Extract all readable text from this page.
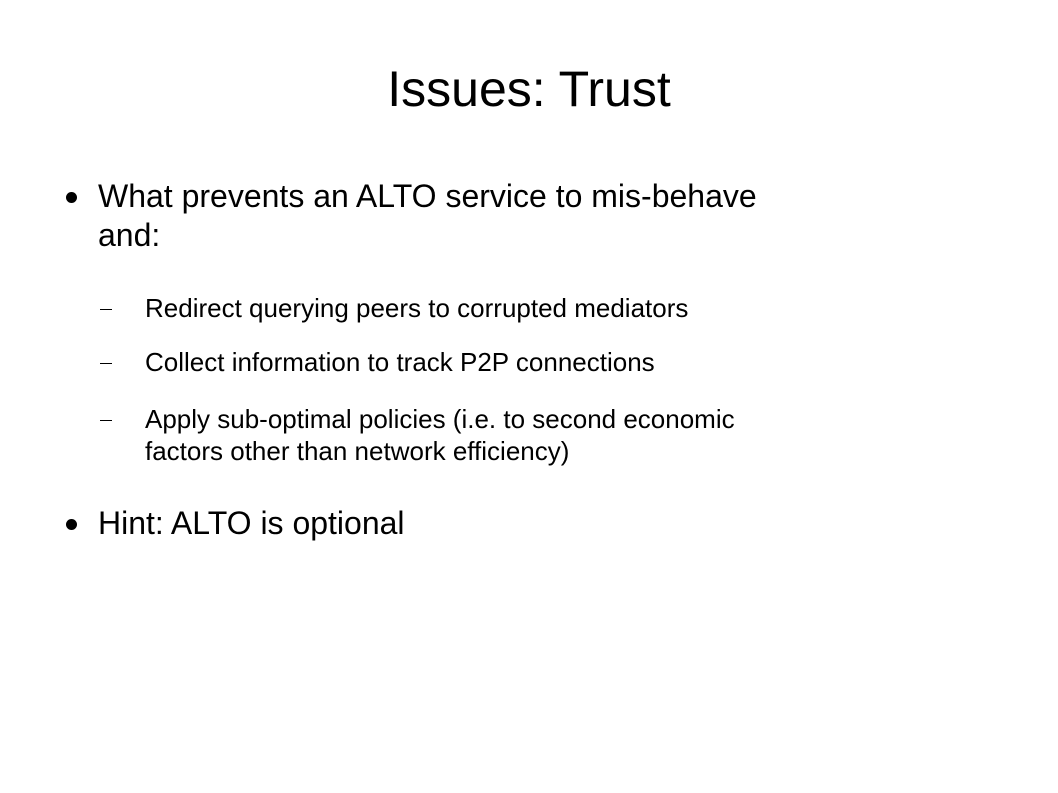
Issues: Trust
What prevents an ALTO service to mis-behave
and:
Redirect querying peers to corrupted mediators
Collect information to track P2P connections
Apply sub-optimal policies (i.e. to second economic
factors other than network efficiency)
Hint: ALTO is optional
